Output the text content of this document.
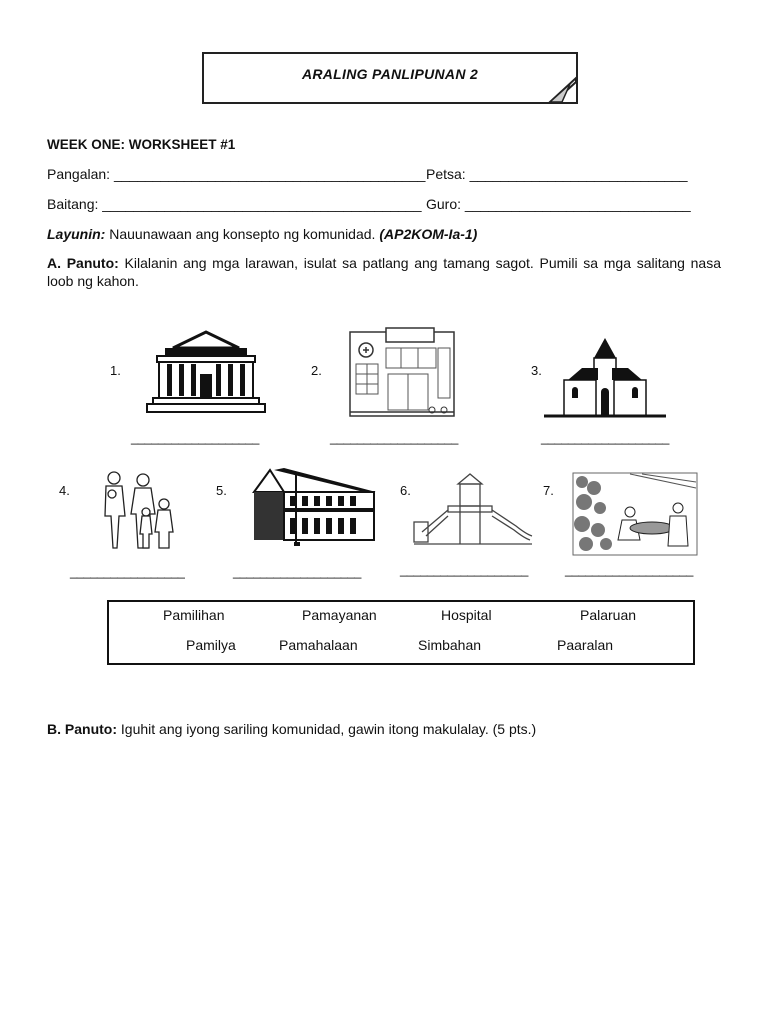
ARALING PANLIPUNAN 2
WEEK ONE: WORKSHEET #1
Pangalan: ________________________________________ Petsa: ____________________________
Baitang: _________________________________________ Guro: _____________________________
Layunin: Nauunawaan ang konsepto ng komunidad. (AP2KOM-Ia-1)
A. Panuto: Kilalanin ang mga larawan, isulat sa patlang ang tamang sagot. Pumili sa mga salitang nasa loob ng kahon.
1.
___________________
2.
___________________
3.
___________________
4.
_________________
5.
___________________
6.
___________________
7.
___________________
Pamilihan	Pamayanan	Hospital	Palaruan
Pamilya	Pamahalaan	Simbahan	Paaralan
B. Panuto: Iguhit ang iyong sariling komunidad, gawin itong makulalay. (5 pts.)
